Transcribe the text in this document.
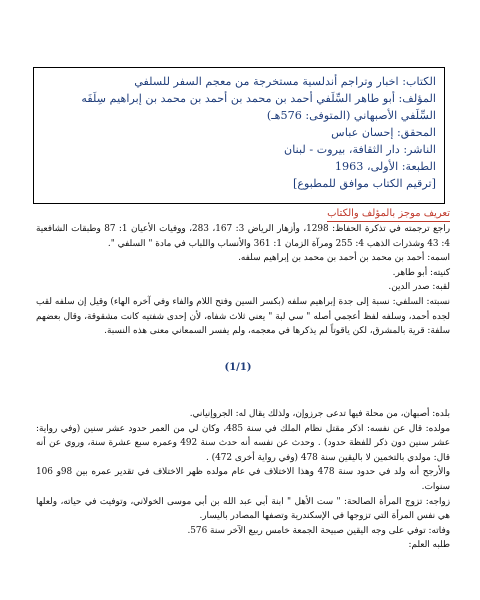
الكتاب: اخبار وتراجم أندلسية مستخرجة من معجم السفر للسلفي
المؤلف: أبو طاهر السِّلَفي أحمد بن محمد بن أحمد بن محمد بن إبراهيم سِلَفَه
السِّلَفي الأصبهاني (المتوفى: 576هـ)
المحقق: إحسان عباس
الناشر: دار الثقافة، بيروت - لبنان
الطبعة: الأولى، 1963
[ترقيم الكتاب موافق للمطبوع]
تعريف موجز بالمؤلف والكتاب

راجع ترجمته في تذكرة الحفاظ: 1298، وأزهار الرياض 3: 167، 283، ووفيات الأعيان 1: 87 وطبقات الشافعية 4: 43 وشذرات الذهب 4: 255 ومرآة الزمان 1: 361 والأنساب واللباب في مادة " السلفي ".

اسمه: أحمد بن محمد بن أحمد بن محمد بن إبراهيم سلفه.

كنيته: أبو طاهر.

لقبه: صدر الدين.

نسبته: السلفي: نسبة إلى جدة إبراهيم سلفه (بكسر السين وفتح اللام والفاء وفي آخره الهاء) وقيل إن سلفه لقب لجده أحمد، وسلفه لفظ أعجمي أصله " سي لبة " يعني ثلاث شفاه، لأن إحدى شفتيه كانت مشقوقة، وقال بعضهم سلفة: قرية بالمشرق، لكن ياقوتاً لم يذكرها في معجمه، ولم يفسر السمعاني معنى هذه النسبة.

(1/1)

بلده: أصبهان، من محلة فيها تدعى جرزوإن، ولذلك يقال له: الجروإنياني.

مولده: قال عن نفسه: اذكر مقتل نظام الملك في سنة 485، وكان لي من العمر حدود عشر سنين (وفي رواية: عشر سنين دون ذكر للفظة حدود) . وحدث عن نفسه أنه حدث سنة 492 وعمره سبع عشرة سنة، وروي عن أنه قال: مولدي بالتخمين لا باليقين سنة 478 (وفي رواية أخرى 472) .

والأرجح أنه ولد في حدود سنة 478 وهذا الاختلاف في عام مولده ظهر الاختلاف في تقدير عمره بين 98و 106 سنوات.

زواجه: تزوج المرأة الصالحة: " ست الأهل " ابنة أبي عبد الله بن أبي موسى الخولاني، وتوفيت في حياته، ولعلها هي نفس المرأة التي تزوجها في الإسكندرية وتصفها المصادر باليسار.

وفاته: توفي على وجه اليقين صبيحة الجمعة خامس ربيع الآخر سنة 576.

طلبه العلم:
